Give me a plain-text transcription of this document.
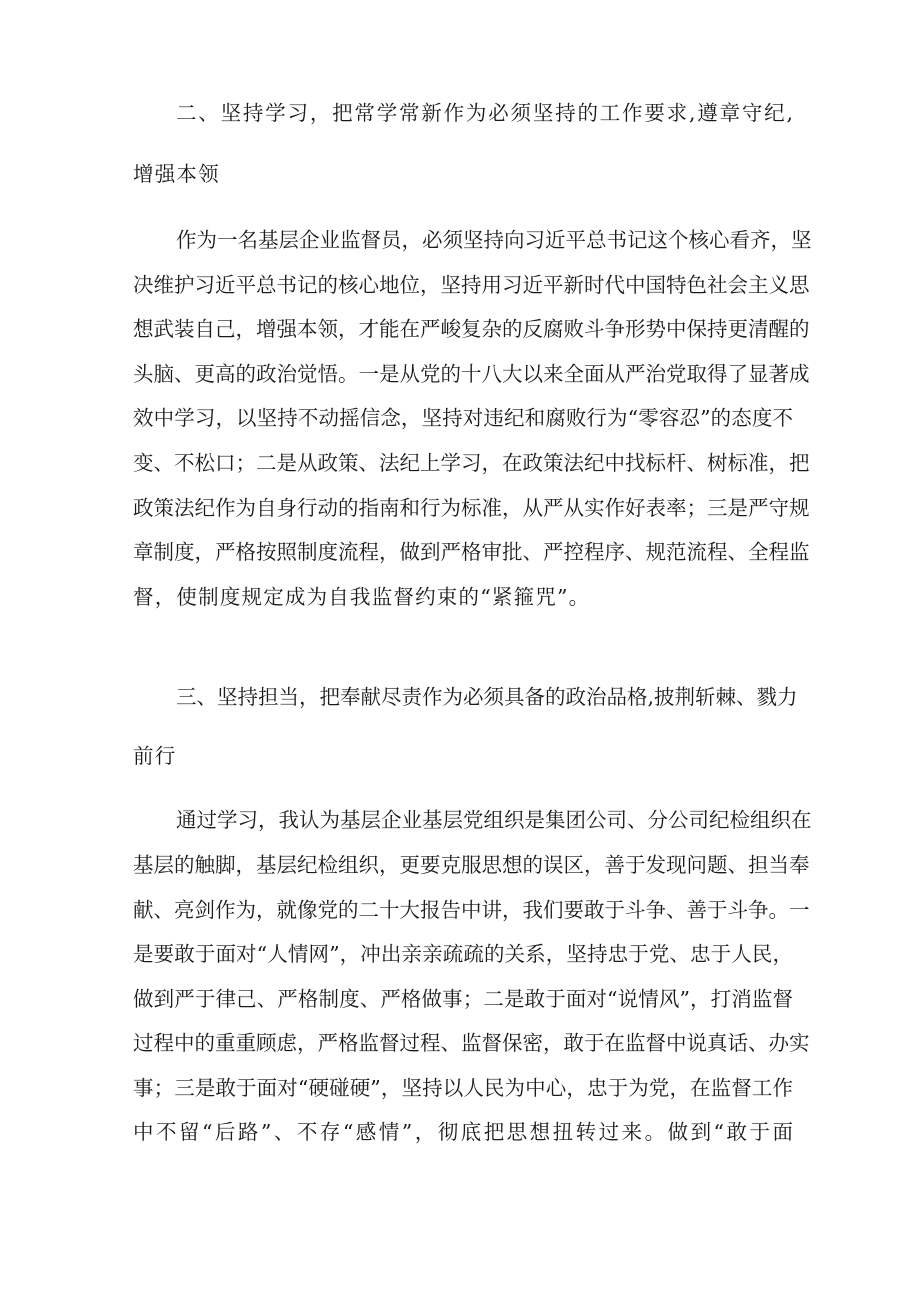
二、坚持学习，把常学常新作为必须坚持的工作要求,遵章守纪,
增强本领
作为一名基层企业监督员，必须坚持向习近平总书记这个核心看齐，坚
决维护习近平总书记的核心地位，坚持用习近平新时代中国特色社会主义思
想武装自己，增强本领，才能在严峻复杂的反腐败斗争形势中保持更清醒的
头脑、更高的政治觉悟。一是从党的十八大以来全面从严治党取得了显著成
效中学习，以坚持不动摇信念，坚持对违纪和腐败行为“零容忍”的态度不
变、不松口；二是从政策、法纪上学习，在政策法纪中找标杆、树标准，把
政策法纪作为自身行动的指南和行为标准，从严从实作好表率；三是严守规
章制度，严格按照制度流程，做到严格审批、严控程序、规范流程、全程监
督，使制度规定成为自我监督约束的“紧箍咒”。
三、坚持担当，把奉献尽责作为必须具备的政治品格,披荆斩棘、戮力
前行
通过学习，我认为基层企业基层党组织是集团公司、分公司纪检组织在
基层的触脚，基层纪检组织，更要克服思想的误区，善于发现问题、担当奉
献、亮剑作为，就像党的二十大报告中讲，我们要敢于斗争、善于斗争。一
是要敢于面对“人情网”，冲出亲亲疏疏的关系，坚持忠于党、忠于人民，
做到严于律己、严格制度、严格做事；二是敢于面对“说情风”，打消监督
过程中的重重顾虑，严格监督过程、监督保密，敢于在监督中说真话、办实
事；三是敢于面对“硬碰硬”，坚持以人民为中心，忠于为党，在监督工作
中不留“后路”、不存“感情”，彻底把思想扭转过来。做到“敢于面
